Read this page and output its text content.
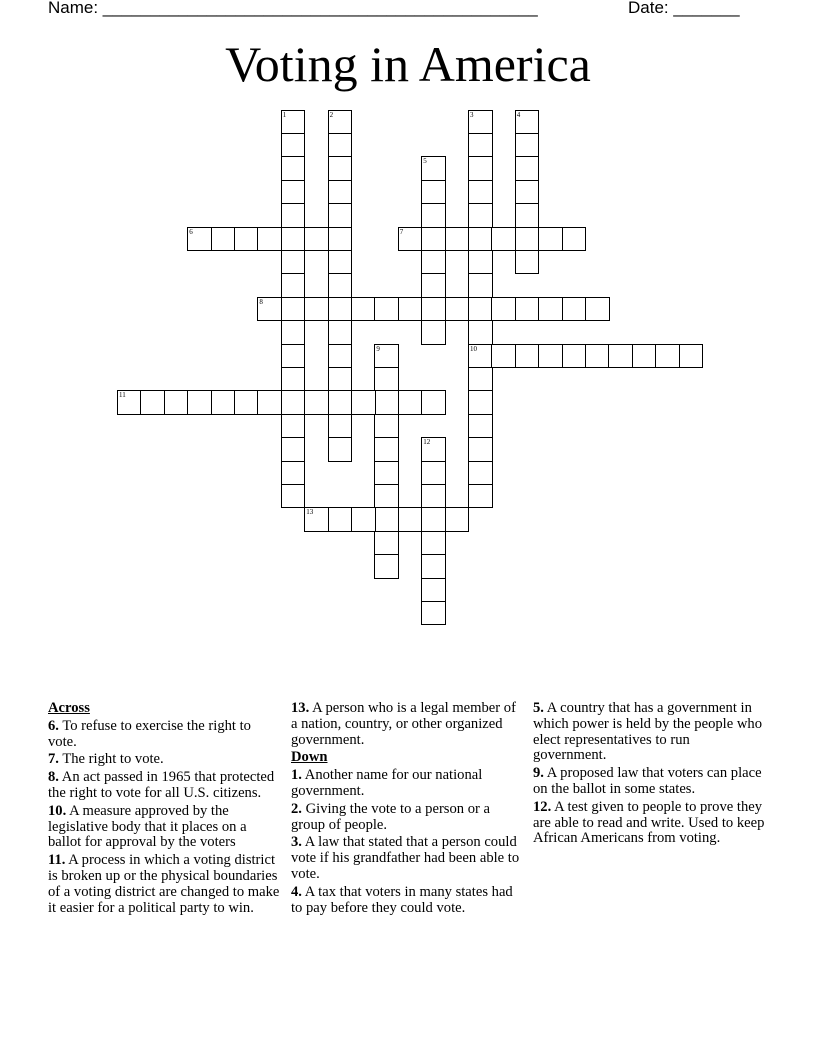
Name: ______________________________________________	Date: _______
Voting in America
1	2	3
10
4
5
6	7
8
9
11
12
13
Across
6. To refuse to exercise the right to vote.
7. The right to vote.
8. An act passed in 1965 that protected the right to vote for all U.S. citizens.
10. A measure approved by the legislative body that it places on a ballot for approval by the voters
11. A process in which a voting district is broken up or the physical boundaries of a voting district are changed to make it easier for a political party to win.
13. A person who is a legal member of a nation, country, or other organized government.
Down
1. Another name for our national government.
2. Giving the vote to a person or a group of people.
3. A law that stated that a person could vote if his grandfather had been able to vote.
4. A tax that voters in many states had to pay before they could vote.
5. A country that has a government in which power is held by the people who elect representatives to run government.
9. A proposed law that voters can place on the ballot in some states.
12. A test given to people to prove they are able to read and write. Used to keep African Americans from voting.
